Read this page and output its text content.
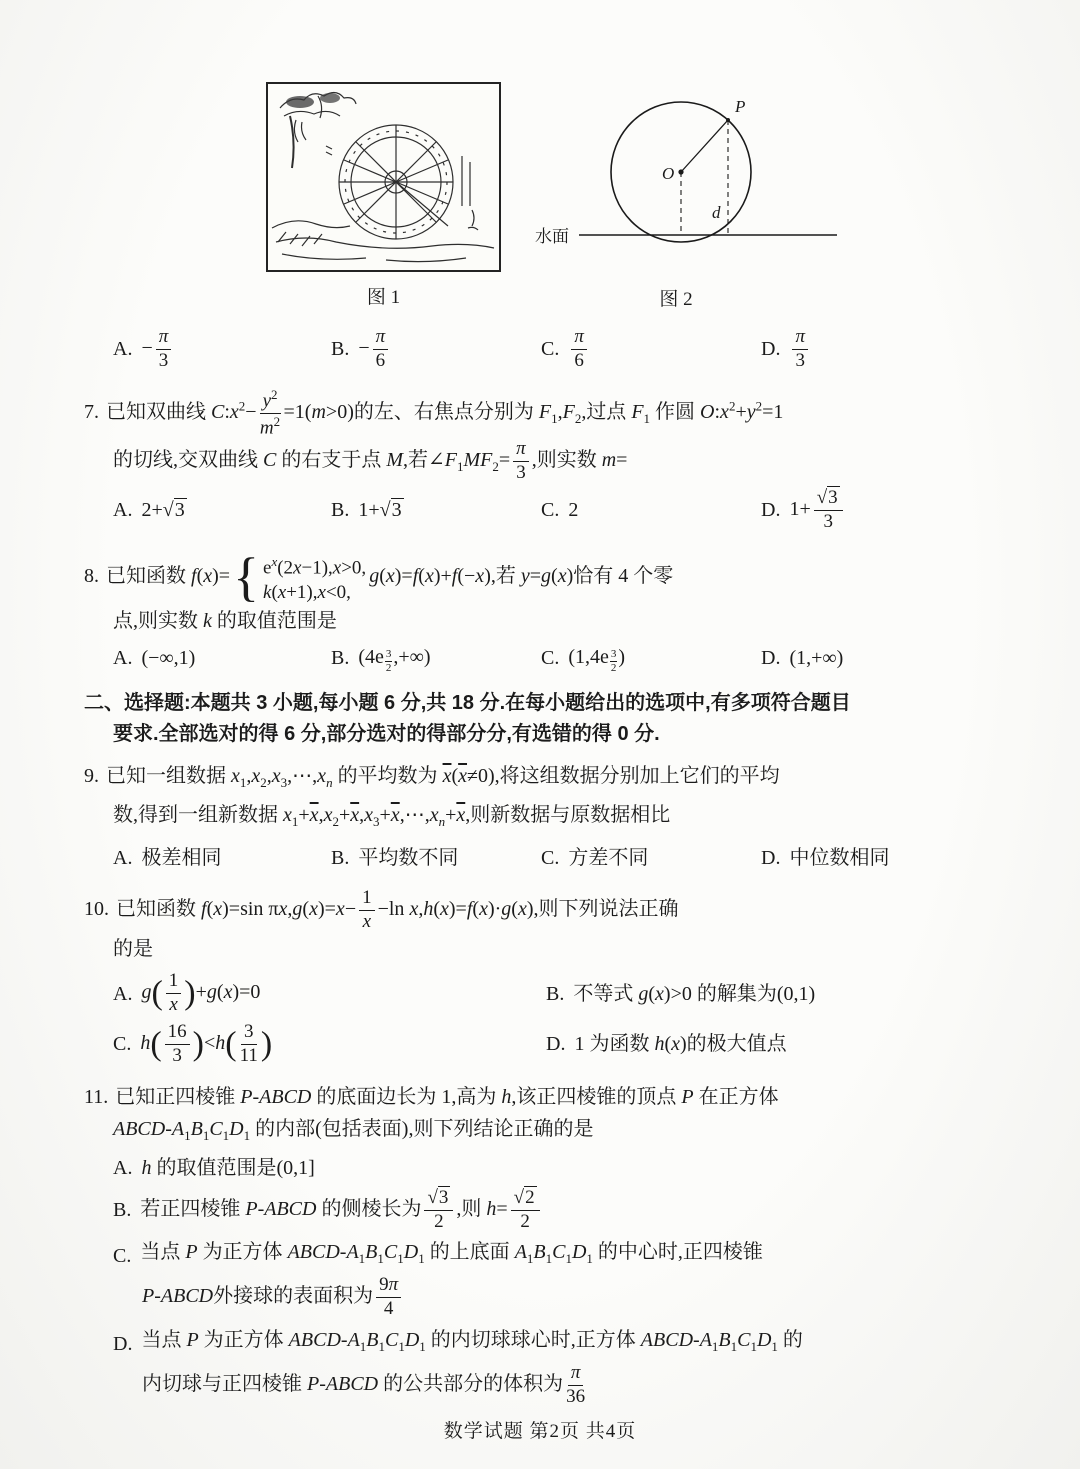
图 1
O
P
d
水面
图 2
A. − $\frac{\pi}{3}$	B. − $\frac{\pi}{6}$	C. $\frac{\pi}{6}$	D. $\frac{\pi}{3}$
7. 已知双曲线 $C:x^2- \frac{y^2}{m^2} =1(m>0)$的左、右焦点分别为 $F_1,F_2$,过点 $F_1$ 作圆 $O:x^2+y^2=1$
的切线,交双曲线 C 的右支于点 M,若$\angle F_1MF_2= \frac{\pi}{3}$ ,则实数 m=
A. 2+√3	B. 1+√3	C. 2	D. $1+ \frac{√3}{3}$
8. 已知函数 f(x)= { $e^x(2x-1),x>0$,
k(x+1),x<0,
g(x)=f(x)+f(−x),若 y=g(x)恰有 4 个零
点,则实数 k 的取值范围是
A. (−∞,1)	B. ($4e \frac{3}{2}$ ,+∞)	C. ($1,4e \frac{3}{2}$ )	D. (1,+∞)
二、选择题:本题共 3 小题,每小题 6 分,共 18 分.在每小题给出的选项中,有多项符合题目
要求.全部选对的得 6 分,部分选对的得部分分,有选错的得 0 分.
9. 已知一组数据 $x_1,x_2,x_3,\cdots,x_n$ 的平均数为 $\overline{x}(\overline{x}\ne 0)$,将这组数据分别加上它们的平均
数,得到一组新数据 $x_1+\overline{x},x_2+\overline{x},x_3+\overline{x},\cdots,x_n+\overline{x}$,则新数据与原数据相比
A. 极差相同	B. 平均数不同	C. 方差不同	D. 中位数相同
10. 已知函数 f(x)=sin $\pi x,g(x)=x- \frac{1}{x} -\ln$ x,h(x)=f(x)·g(x),则下列说法正确
的是
A. $g( \frac{1}{x} )+g(x)=0$	B. 不等式 g(x)>0 的解集为(0,1)
C. $h( \frac{16}{3} )<h( \frac{3}{11}$ )	D. 1 为函数 h(x)的极大值点
11. 已知正四棱锥 P-ABCD 的底面边长为 1,高为 h,该正四棱锥的顶点 P 在正方体
ABCD-$A_1B_1C_1D_1$ 的内部(包括表面),则下列结论正确的是
A. h 的取值范围是(0,1]
B. 若正四棱锥 P-ABCD 的侧棱长为 $\frac{√3}{2}$ ,则 $h= \frac{√2}{2}$
C. 当点 P 为正方体 ABCD-$A_1B_1C_1D_1$ 的上底面 $A_1B_1C_1D_1$ 的中心时,正四棱锥
P-ABCD外接球的表面积为 $\frac{9\pi}{4}$
D. 当点 P 为正方体 ABCD-$A_1B_1C_1D_1$ 的内切球球心时,正方体 ABCD-$A_1B_1C_1D_1$ 的
内切球与正四棱锥 P-ABCD 的公共部分的体积为 $\frac{\pi}{36}$
数学试题 第2页 共4页
